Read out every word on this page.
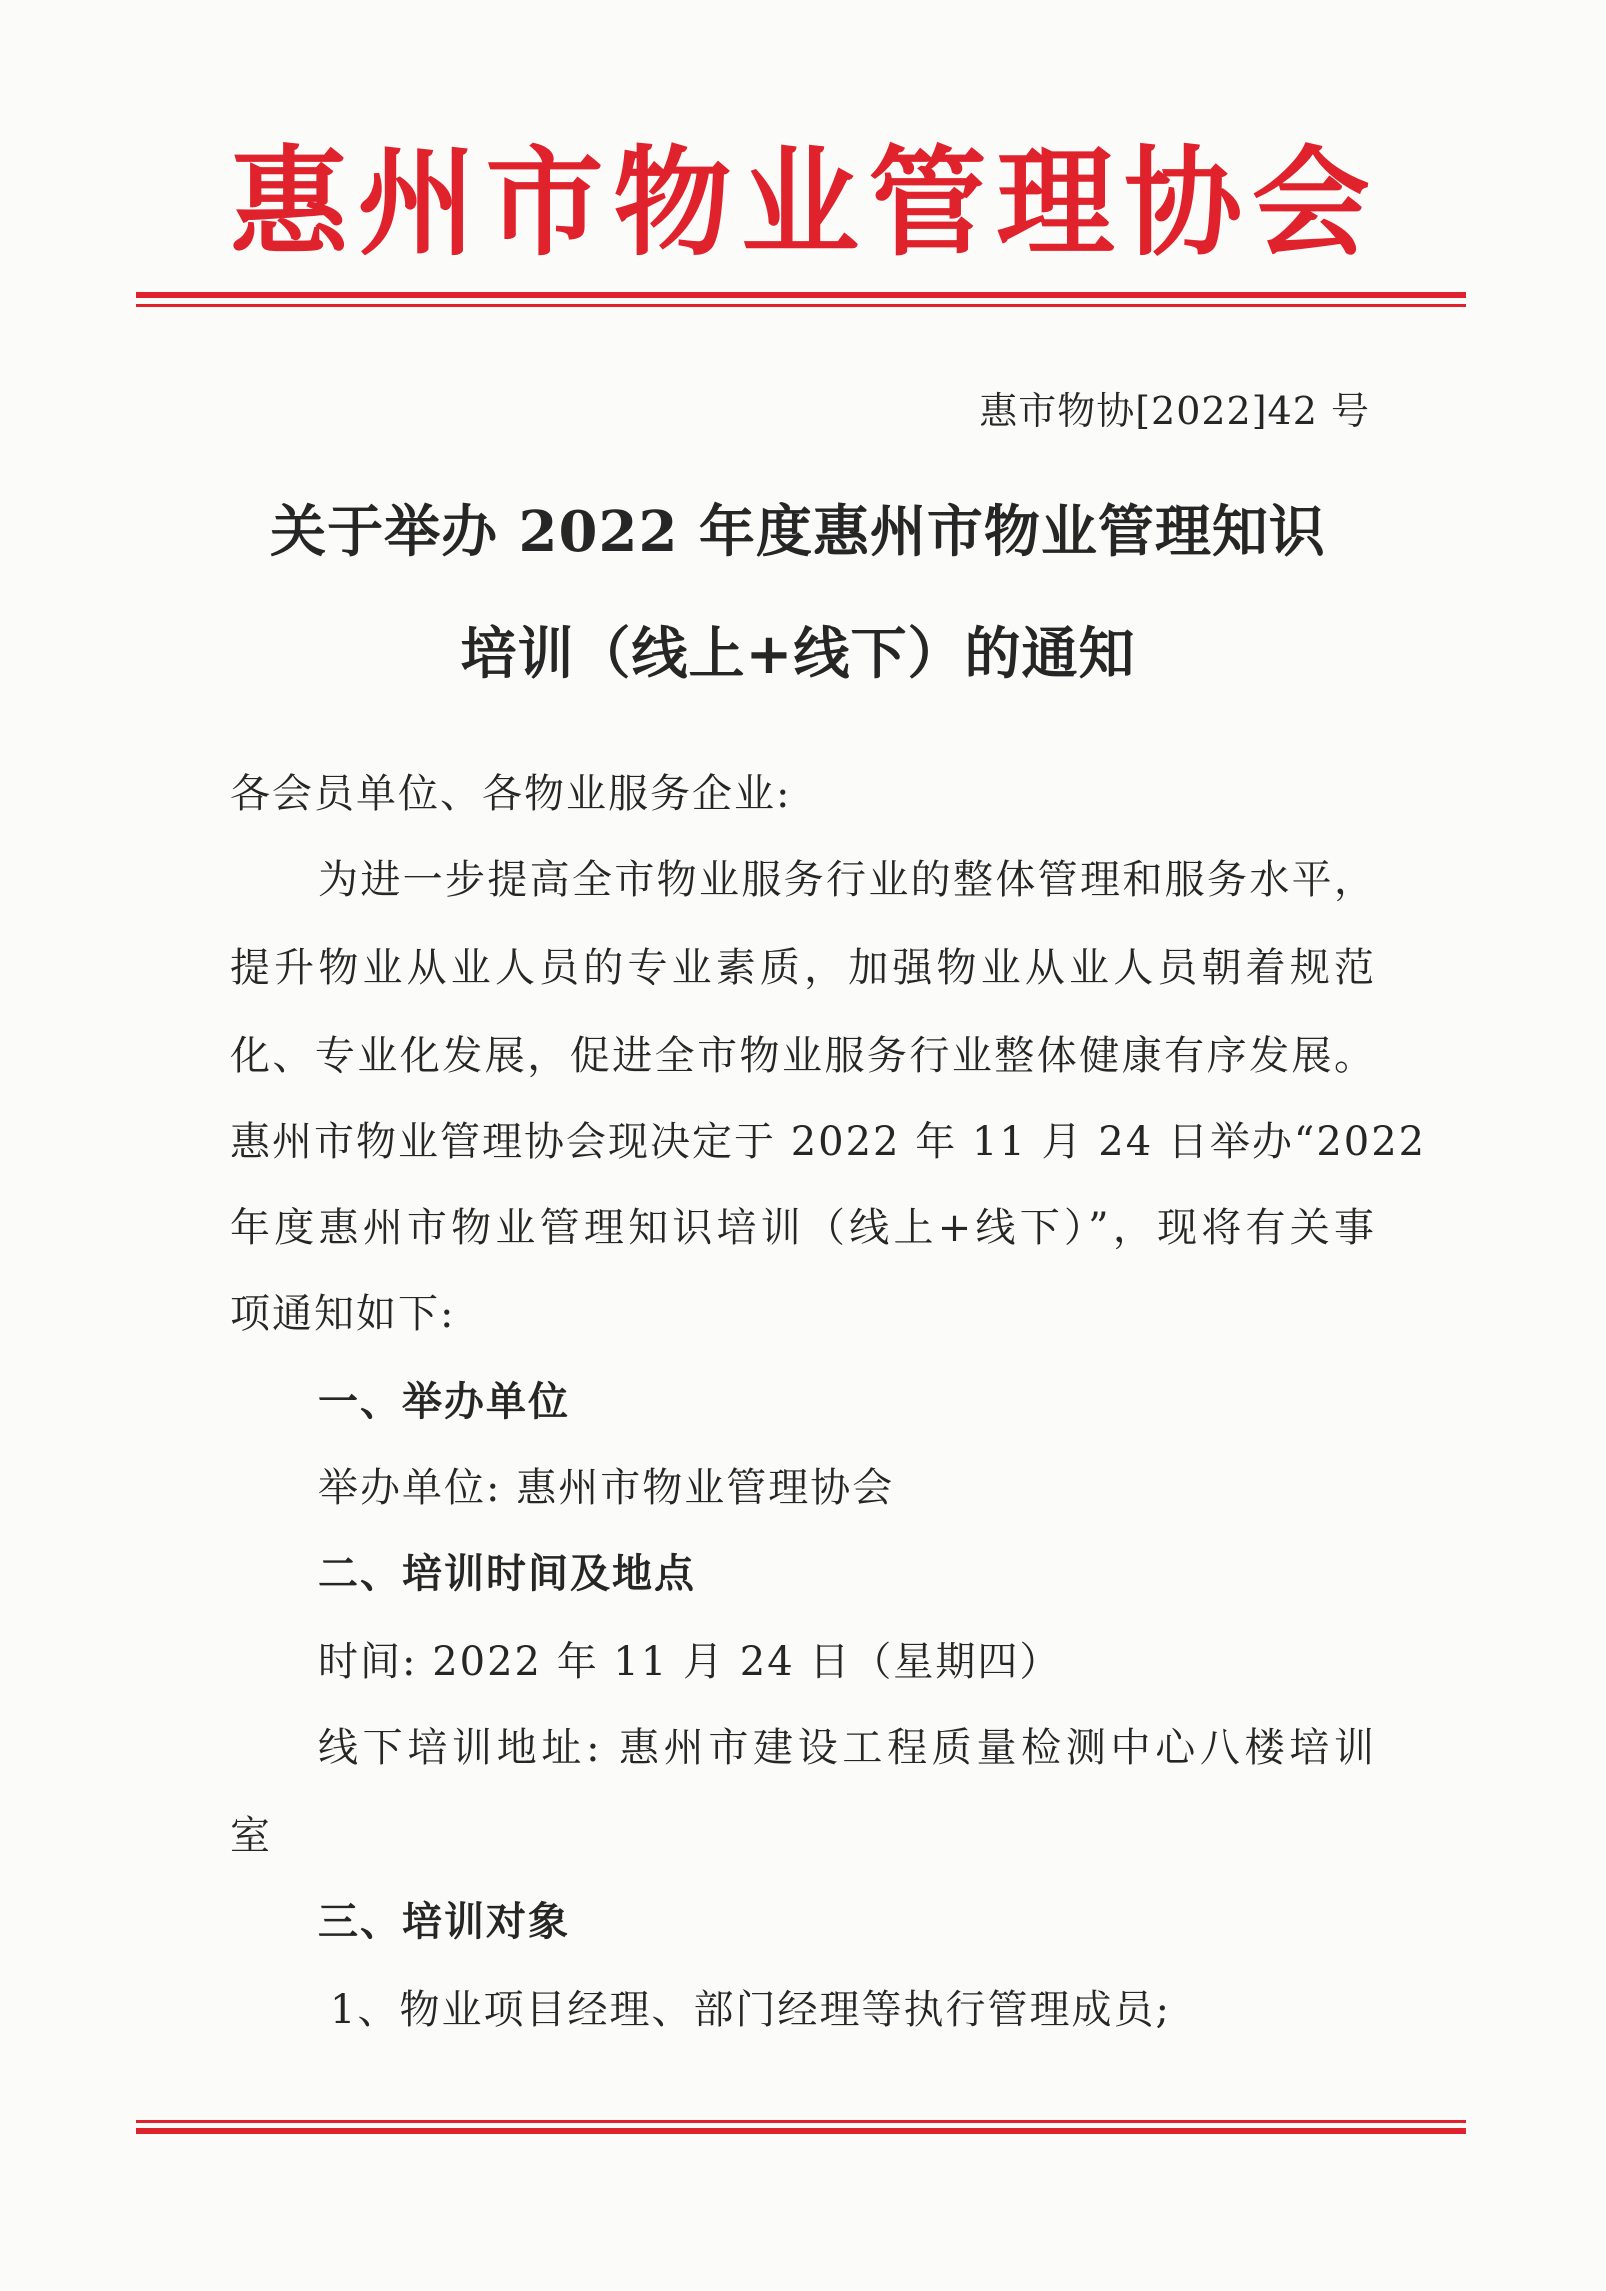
惠 州 市 物 业 管 理 协 会
惠市物协[2022]42 号
关于举办 2022 年度惠州市物业管理知识
培训（线上+线下）的通知
各会员单位、各物业服务企业:
为进一步提高全市物业服务行业的整体管理和服务水平，
提升物业从业人员的专业素质，加强物业从业人员朝着规范
化、专业化发展，促进全市物业服务行业整体健康有序发展。
惠州市物业管理协会现决定于 2022 年 11 月 24 日举办“2022
年度惠州市物业管理知识培训（线上+线下）”，现将有关事
项通知如下:
一、举办单位
举办单位: 惠州市物业管理协会
二、培训时间及地点
时间: 2022 年 11 月 24 日（星期四）
线下培训地址: 惠州市建设工程质量检测中心八楼培训
室
三、培训对象
1、物业项目经理、部门经理等执行管理成员;
